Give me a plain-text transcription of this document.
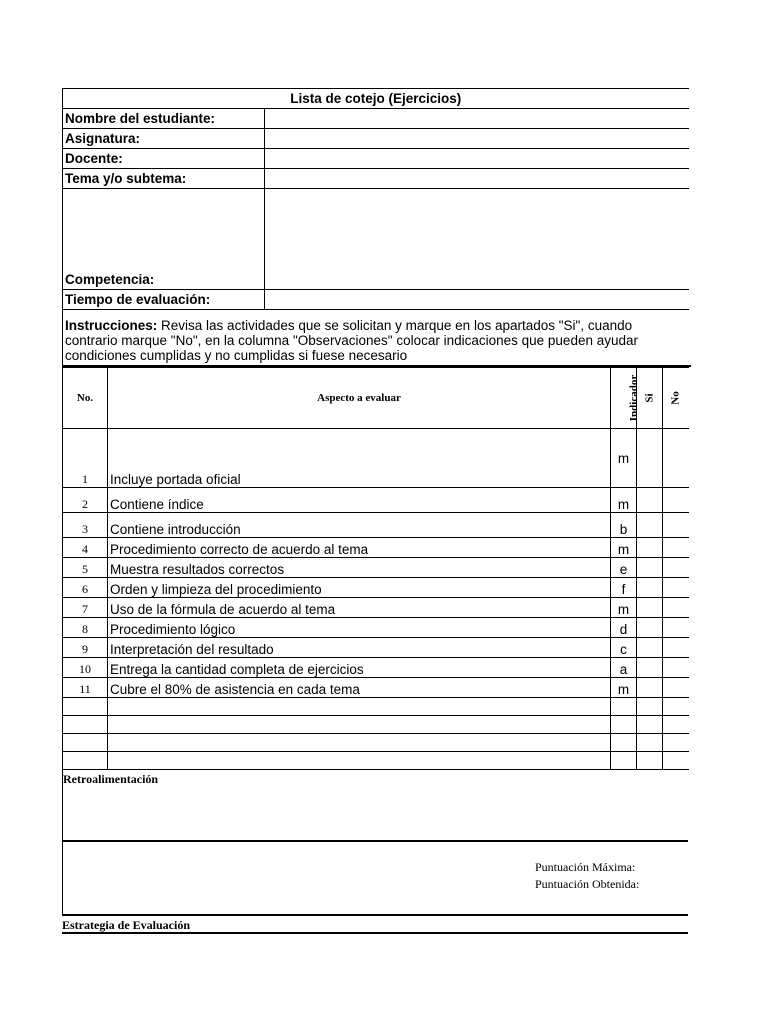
Lista de cotejo (Ejercicios)	
Nombre del estudiante:	
Asignatura:	
Docente:	
Tema y/o subtema:	
Competencia:	
Tiempo de evaluación:	
Instrucciones: Revisa las actividades que se solicitan y marque en los apartados "Si", cuando
contrario marque "No", en la columna "Observaciones" colocar indicaciones que pueden ayudar
condiciones cumplidas y no cumplidas si fuese necesario
No.	Aspecto a evaluar	Indicador	Si	No
1	Incluye portada oficial	m		
2	Contiene índice	m		
3	Contiene introducción	b		
4	Procedimiento correcto de acuerdo al tema	m		
5	Muestra resultados correctos	e		
6	Orden y limpieza del procedimiento	f		
7	Uso de la fórmula de acuerdo al tema	m		
8	Procedimiento lógico	d		
9	Interpretación del resultado	c		
10	Entrega la cantidad completa de ejercicios	a		
11	Cubre el 80% de asistencia en cada tema	m		

Retroalimentación
Puntuación Máxima:
Puntuación Obtenida:
Estrategia de Evaluación
